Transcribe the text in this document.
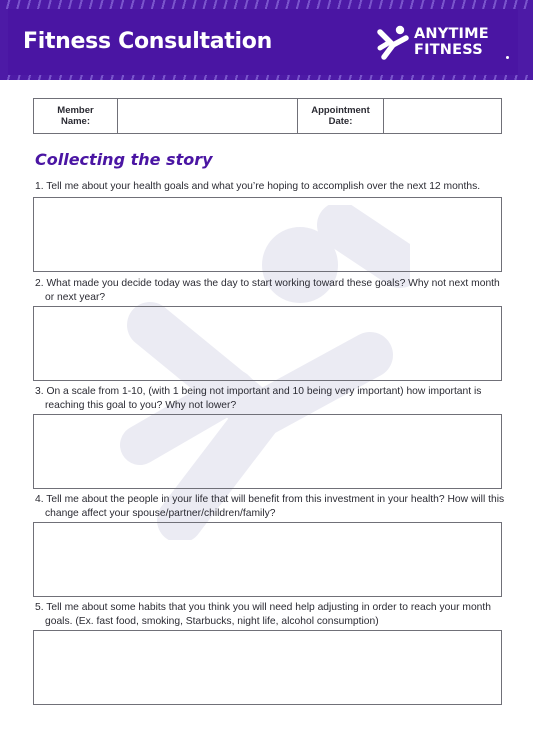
Fitness Consultation	ANYTIME
FITNESS
Member
Name:
Appointment
Date:
Collecting the story
1. Tell me about your health goals and what you’re hoping to accomplish over the next 12 months.
2. What made you decide today was the day to start working toward these goals? Why not next month or next year?
3. On a scale from 1-10, (with 1 being not important and 10 being very important) how important is reaching this goal to you? Why not lower?
4. Tell me about the people in your life that will benefit from this investment in your health? How will this change affect your spouse/partner/children/family?
5. Tell me about some habits that you think you will need help adjusting in order to reach your month goals. (Ex. fast food, smoking, Starbucks, night life, alcohol consumption)
